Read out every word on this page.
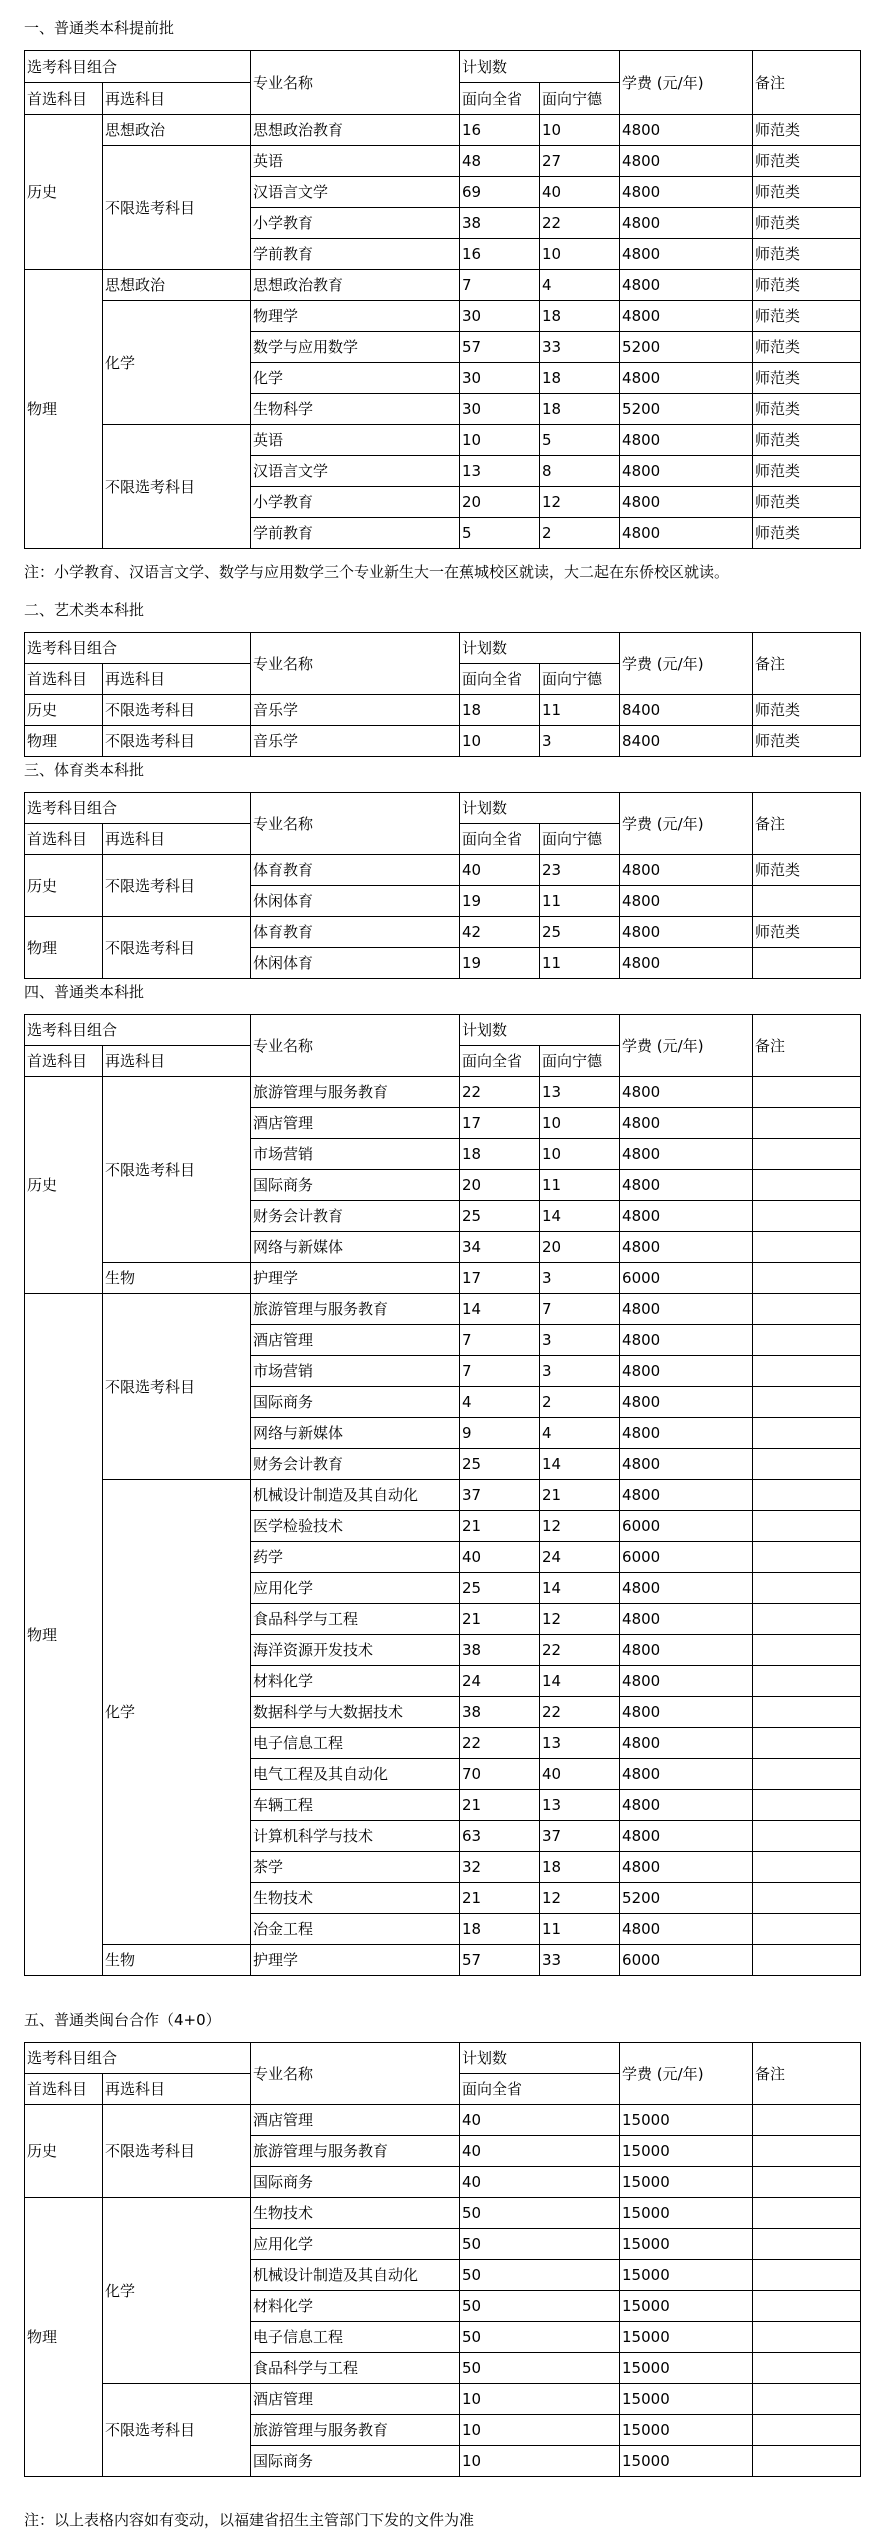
一、普通类本科提前批
选考科目组合		专业名称	计划数		学费 (元/年)	备注
首选科目	再选科目		面向全省	面向宁德		
历史	思想政治	思想政治教育	16	10	4800	师范类
	不限选考科目	英语	48	27	4800	师范类
		汉语言文学	69	40	4800	师范类
		小学教育	38	22	4800	师范类
		学前教育	16	10	4800	师范类
物理	思想政治	思想政治教育	7	4	4800	师范类
	化学	物理学	30	18	4800	师范类
		数学与应用数学	57	33	5200	师范类
		化学	30	18	4800	师范类
		生物科学	30	18	5200	师范类
	不限选考科目	英语	10	5	4800	师范类
		汉语言文学	13	8	4800	师范类
		小学教育	20	12	4800	师范类
		学前教育	5	2	4800	师范类
注：小学教育、汉语言文学、数学与应用数学三个专业新生大一在蕉城校区就读，大二起在东侨校区就读。
二、艺术类本科批
选考科目组合		专业名称	计划数		学费 (元/年)	备注
首选科目	再选科目		面向全省	面向宁德		
历史	不限选考科目	音乐学	18	11	8400	师范类
物理	不限选考科目	音乐学	10	3	8400	师范类
三、体育类本科批
选考科目组合		专业名称	计划数		学费 (元/年)	备注
首选科目	再选科目		面向全省	面向宁德		
历史	不限选考科目	体育教育	40	23	4800	师范类
		休闲体育	19	11	4800	
物理	不限选考科目	体育教育	42	25	4800	师范类
		休闲体育	19	11	4800	
四、普通类本科批
选考科目组合		专业名称	计划数		学费 (元/年)	备注
首选科目	再选科目		面向全省	面向宁德		
历史	不限选考科目	旅游管理与服务教育	22	13	4800	
		酒店管理	17	10	4800	
		市场营销	18	10	4800	
		国际商务	20	11	4800	
		财务会计教育	25	14	4800	
		网络与新媒体	34	20	4800	
	生物	护理学	17	3	6000	
物理	不限选考科目	旅游管理与服务教育	14	7	4800	
		酒店管理	7	3	4800	
		市场营销	7	3	4800	
		国际商务	4	2	4800	
		网络与新媒体	9	4	4800	
		财务会计教育	25	14	4800	
	化学	机械设计制造及其自动化	37	21	4800	
		医学检验技术	21	12	6000	
		药学	40	24	6000	
		应用化学	25	14	4800	
		食品科学与工程	21	12	4800	
		海洋资源开发技术	38	22	4800	
		材料化学	24	14	4800	
		数据科学与大数据技术	38	22	4800	
		电子信息工程	22	13	4800	
		电气工程及其自动化	70	40	4800	
		车辆工程	21	13	4800	
		计算机科学与技术	63	37	4800	
		茶学	32	18	4800	
		生物技术	21	12	5200	
		冶金工程	18	11	4800	
	生物	护理学	57	33	6000	
五、普通类闽台合作（4+0）
选考科目组合		专业名称	计划数	学费 (元/年)	备注
首选科目	再选科目		面向全省		
历史	不限选考科目	酒店管理	40	15000	
		旅游管理与服务教育	40	15000	
		国际商务	40	15000	
物理	化学	生物技术	50	15000	
		应用化学	50	15000	
		机械设计制造及其自动化	50	15000	
		材料化学	50	15000	
		电子信息工程	50	15000	
		食品科学与工程	50	15000	
	不限选考科目	酒店管理	10	15000	
		旅游管理与服务教育	10	15000	
		国际商务	10	15000	
注：以上表格内容如有变动，以福建省招生主管部门下发的文件为准
